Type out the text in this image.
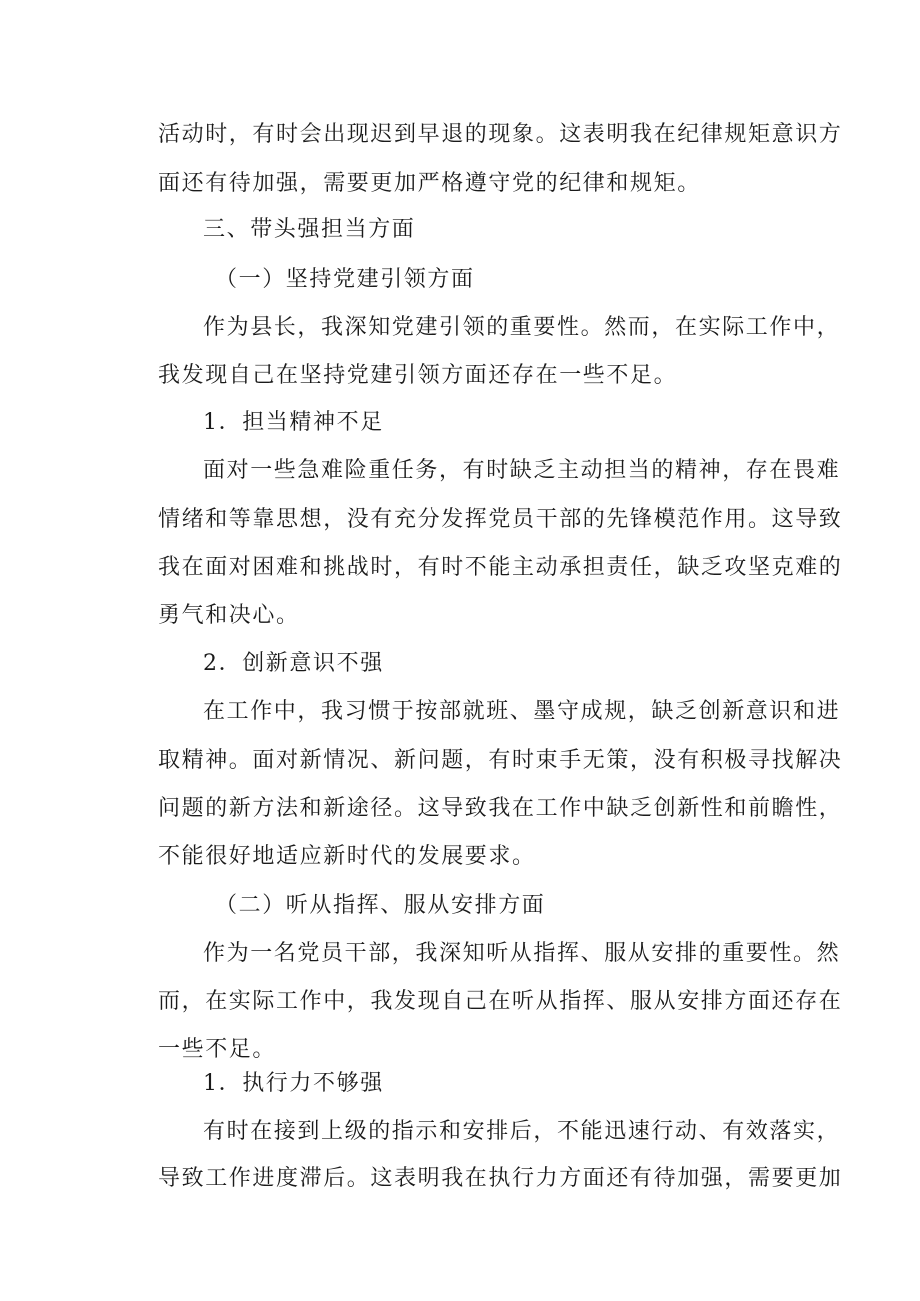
活动时，有时会出现迟到早退的现象。这表明我在纪律规矩意识方
面还有待加强，需要更加严格遵守党的纪律和规矩。
三、带头强担当方面
（一）坚持党建引领方面
作为县长，我深知党建引领的重要性。然而，在实际工作中，
我发现自己在坚持党建引领方面还存在一些不足。
1．担当精神不足
面对一些急难险重任务，有时缺乏主动担当的精神，存在畏难
情绪和等靠思想，没有充分发挥党员干部的先锋模范作用。这导致
我在面对困难和挑战时，有时不能主动承担责任，缺乏攻坚克难的
勇气和决心。
2．创新意识不强
在工作中，我习惯于按部就班、墨守成规，缺乏创新意识和进
取精神。面对新情况、新问题，有时束手无策，没有积极寻找解决
问题的新方法和新途径。这导致我在工作中缺乏创新性和前瞻性，
不能很好地适应新时代的发展要求。
（二）听从指挥、服从安排方面
作为一名党员干部，我深知听从指挥、服从安排的重要性。然
而，在实际工作中，我发现自己在听从指挥、服从安排方面还存在
一些不足。
1．执行力不够强
有时在接到上级的指示和安排后，不能迅速行动、有效落实，
导致工作进度滞后。这表明我在执行力方面还有待加强，需要更加
